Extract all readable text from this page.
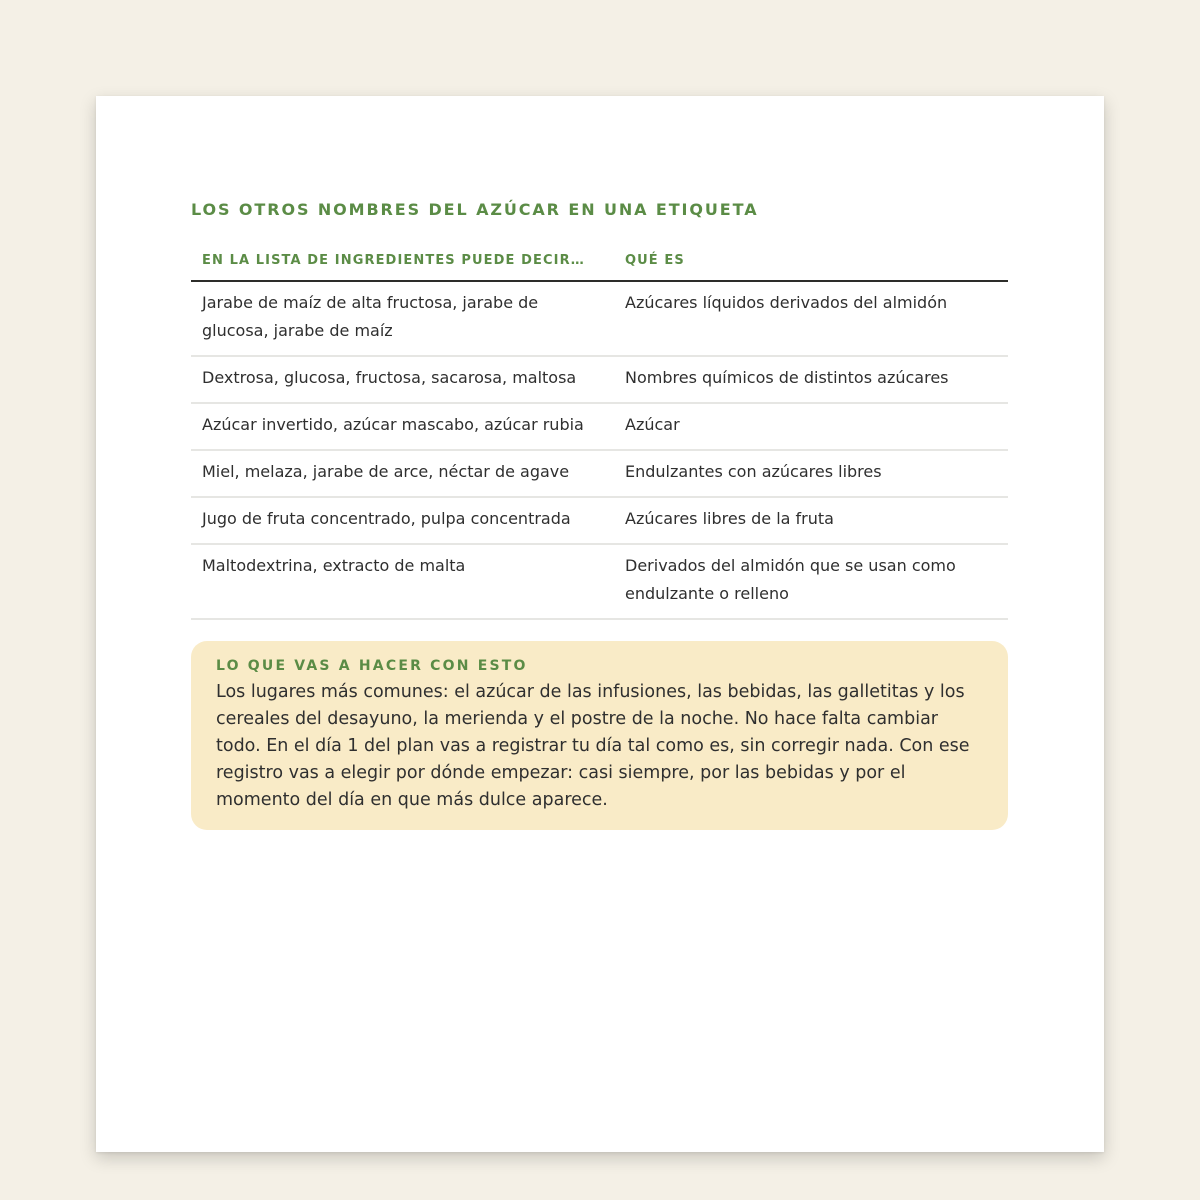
LOS OTROS NOMBRES DEL AZÚCAR EN UNA ETIQUETA
EN LA LISTA DE INGREDIENTES PUEDE DECIR…	QUÉ ES
Jarabe de maíz de alta fructosa, jarabe de glucosa, jarabe de maíz	Azúcares líquidos derivados del almidón
Dextrosa, glucosa, fructosa, sacarosa, maltosa	Nombres químicos de distintos azúcares
Azúcar invertido, azúcar mascabo, azúcar rubia	Azúcar
Miel, melaza, jarabe de arce, néctar de agave	Endulzantes con azúcares libres
Jugo de fruta concentrado, pulpa concentrada	Azúcares libres de la fruta
Maltodextrina, extracto de malta	Derivados del almidón que se usan como endulzante o relleno

LO QUE VAS A HACER CON ESTO

Los lugares más comunes: el azúcar de las infusiones, las bebidas, las galletitas y los cereales del desayuno, la merienda y el postre de la noche. No hace falta cambiar todo. En el día 1 del plan vas a registrar tu día tal como es, sin corregir nada. Con ese registro vas a elegir por dónde empezar: casi siempre, por las bebidas y por el momento del día en que más dulce aparece.
